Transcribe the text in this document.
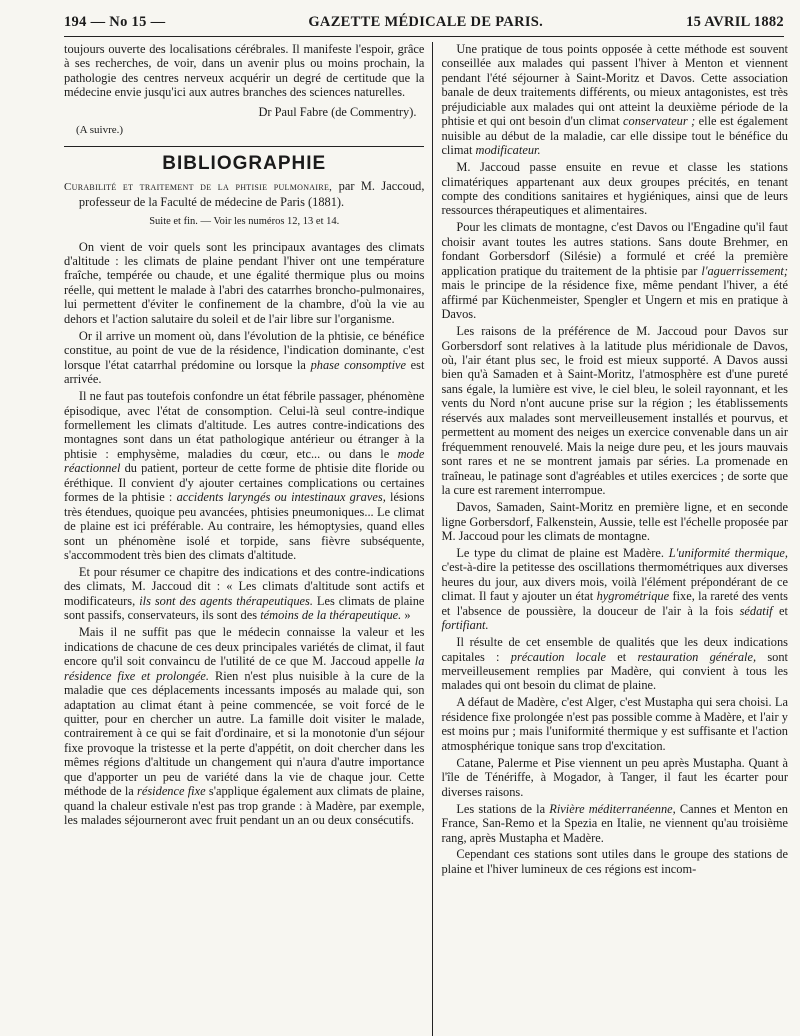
194 — No 15 —	GAZETTE MÉDICALE DE PARIS.	15 AVRIL 1882

toujours ouverte des localisations cérébrales. Il manifeste l'espoir, grâce à ses recherches, de voir, dans un avenir plus ou moins prochain, la pathologie des centres nerveux acquérir un degré de certitude que la médecine envie jusqu'ici aux autres branches des sciences naturelles.

Dr Paul Fabre (de Commentry).
(A suivre.)
BIBLIOGRAPHIE

Curabilité et traitement de la phtisie pulmonaire, par M. Jaccoud, professeur de la Faculté de médecine de Paris (1881).

Suite et fin. — Voir les numéros 12, 13 et 14.

On vient de voir quels sont les principaux avantages des climats d'altitude : les climats de plaine pendant l'hiver ont une température fraîche, tempérée ou chaude, et une égalité thermique plus ou moins réelle, qui mettent le malade à l'abri des catarrhes broncho-pulmonaires, lui permettent d'éviter le confinement de la chambre, d'où la vie au dehors et l'action salutaire du soleil et de l'air libre sur l'organisme.

Or il arrive un moment où, dans l'évolution de la phtisie, ce bénéfice constitue, au point de vue de la résidence, l'indication dominante, c'est lorsque l'état catarrhal prédomine ou lorsque la phase consomptive est arrivée.

Il ne faut pas toutefois confondre un état fébrile passager, phénomène épisodique, avec l'état de consomption. Celui-là seul contre-indique formellement les climats d'altitude. Les autres contre-indications des montagnes sont dans un état pathologique antérieur ou étranger à la phtisie : emphysème, maladies du cœur, etc... ou dans le mode réactionnel du patient, porteur de cette forme de phtisie dite floride ou éréthique. Il convient d'y ajouter certaines complications ou certaines formes de la phtisie : accidents laryngés ou intestinaux graves, lésions très étendues, quoique peu avancées, phtisies pneumoniques... Le climat de plaine est ici préférable. Au contraire, les hémoptysies, quand elles sont un phénomène isolé et torpide, sans fièvre subséquente, s'accommodent très bien des climats d'altitude.

Et pour résumer ce chapitre des indications et des contre-indications des climats, M. Jaccoud dit : « Les climats d'altitude sont actifs et modificateurs, ils sont des agents thérapeutiques. Les climats de plaine sont passifs, conservateurs, ils sont des témoins de la thérapeutique. »

Mais il ne suffit pas que le médecin connaisse la valeur et les indications de chacune de ces deux principales variétés de climat, il faut encore qu'il soit convaincu de l'utilité de ce que M. Jaccoud appelle la résidence fixe et prolongée. Rien n'est plus nuisible à la cure de la maladie que ces déplacements incessants imposés au malade qui, son adaptation au climat étant à peine commencée, se voit forcé de le quitter, pour en chercher un autre. La famille doit visiter le malade, contrairement à ce qui se fait d'ordinaire, et si la monotonie d'un séjour fixe provoque la tristesse et la perte d'appétit, on doit chercher dans les mêmes régions d'altitude un changement qui n'aura d'autre importance que d'apporter un peu de variété dans la vie de chaque jour. Cette méthode de la résidence fixe s'applique également aux climats de plaine, quand la chaleur estivale n'est pas trop grande : à Madère, par exemple, les malades séjourneront avec fruit pendant un an ou deux consécutifs.

Une pratique de tous points opposée à cette méthode est souvent conseillée aux malades qui passent l'hiver à Menton et viennent pendant l'été séjourner à Saint-Moritz et Davos. Cette association banale de deux traitements différents, ou mieux antagonistes, est très préjudiciable aux malades qui ont atteint la deuxième période de la phtisie et qui ont besoin d'un climat conservateur ; elle est également nuisible au début de la maladie, car elle dissipe tout le bénéfice du climat modificateur.

M. Jaccoud passe ensuite en revue et classe les stations climatériques appartenant aux deux groupes précités, en tenant compte des conditions sanitaires et hygiéniques, ainsi que de leurs ressources thérapeutiques et alimentaires.

Pour les climats de montagne, c'est Davos ou l'Engadine qu'il faut choisir avant toutes les autres stations. Sans doute Brehmer, en fondant Gorbersdorf (Silésie) a formulé et créé la première application pratique du traitement de la phtisie par l'aguerrissement; mais le principe de la résidence fixe, même pendant l'hiver, a été affirmé par Küchenmeister, Spengler et Ungern et mis en pratique à Davos.

Les raisons de la préférence de M. Jaccoud pour Davos sur Gorbersdorf sont relatives à la latitude plus méridionale de Davos, où, l'air étant plus sec, le froid est mieux supporté. A Davos aussi bien qu'à Samaden et à Saint-Moritz, l'atmosphère est d'une pureté sans égale, la lumière est vive, le ciel bleu, le soleil rayonnant, et les vents du Nord n'ont aucune prise sur la région ; les établissements réservés aux malades sont merveilleusement installés et pourvus, et permettent au moment des neiges un exercice convenable dans un air fréquemment renouvelé. Mais la neige dure peu, et les jours mauvais sont rares et ne se montrent jamais par séries. La promenade en traîneau, le patinage sont d'agréables et utiles exercices ; de sorte que la cure est rarement interrompue.

Davos, Samaden, Saint-Moritz en première ligne, et en seconde ligne Gorbersdorf, Falkenstein, Aussie, telle est l'échelle proposée par M. Jaccoud pour les climats de montagne.

Le type du climat de plaine est Madère. L'uniformité thermique, c'est-à-dire la petitesse des oscillations thermométriques aux diverses heures du jour, aux divers mois, voilà l'élément prépondérant de ce climat. Il faut y ajouter un état hygrométrique fixe, la rareté des vents et l'absence de poussière, la douceur de l'air à la fois sédatif et fortifiant.

Il résulte de cet ensemble de qualités que les deux indications capitales : précaution locale et restauration générale, sont merveilleusement remplies par Madère, qui convient à tous les malades qui ont besoin du climat de plaine.

A défaut de Madère, c'est Alger, c'est Mustapha qui sera choisi. La résidence fixe prolongée n'est pas possible comme à Madère, et l'air y est moins pur ; mais l'uniformité thermique y est suffisante et l'action atmosphérique tonique sans trop d'excitation.

Catane, Palerme et Pise viennent un peu après Mustapha. Quant à l'île de Ténériffe, à Mogador, à Tanger, il faut les écarter pour diverses raisons.

Les stations de la Rivière méditerranéenne, Cannes et Menton en France, San-Remo et la Spezia en Italie, ne viennent qu'au troisième rang, après Mustapha et Madère.

Cependant ces stations sont utiles dans le groupe des stations de plaine et l'hiver lumineux de ces régions est incom-
